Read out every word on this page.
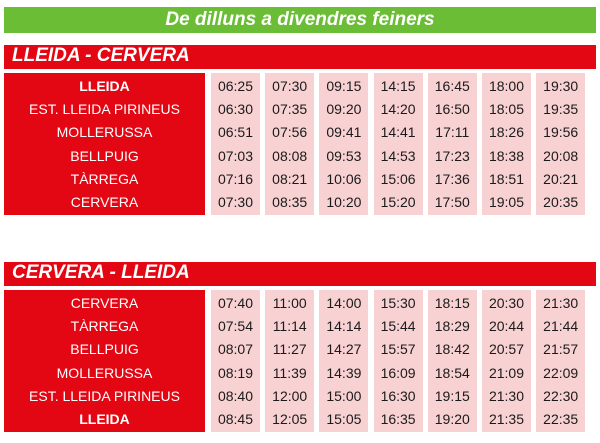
De dilluns a divendres feiners
LLEIDA - CERVERA
LLEIDA
EST. LLEIDA PIRINEUS
MOLLERUSSA
BELLPUIG
TÀRREGA
CERVERA
06:25
06:30
06:51
07:03
07:16
07:30
07:30
07:35
07:56
08:08
08:21
08:35
09:15
09:20
09:41
09:53
10:06
10:20
14:15
14:20
14:41
14:53
15:06
15:20
16:45
16:50
17:11
17:23
17:36
17:50
18:00
18:05
18:26
18:38
18:51
19:05
19:30
19:35
19:56
20:08
20:21
20:35
CERVERA - LLEIDA
CERVERA
TÀRREGA
BELLPUIG
MOLLERUSSA
EST. LLEIDA PIRINEUS
LLEIDA
07:40
07:54
08:07
08:19
08:40
08:45
11:00
11:14
11:27
11:39
12:00
12:05
14:00
14:14
14:27
14:39
15:00
15:05
15:30
15:44
15:57
16:09
16:30
16:35
18:15
18:29
18:42
18:54
19:15
19:20
20:30
20:44
20:57
21:09
21:30
21:35
21:30
21:44
21:57
22:09
22:30
22:35
